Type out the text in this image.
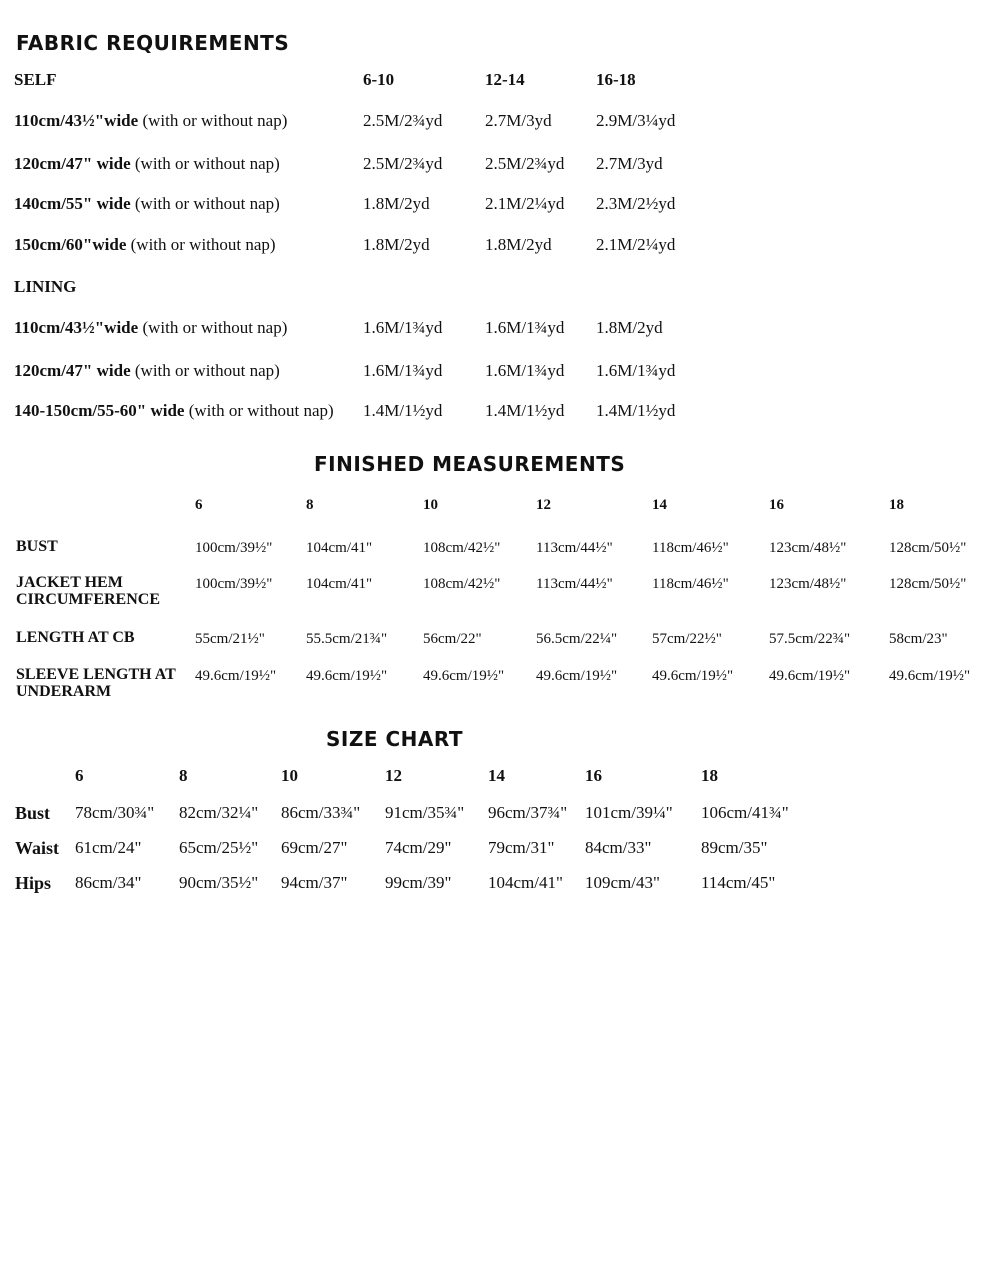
FABRIC REQUIREMENTS
SELF	6-10	12-14	16-18
110cm/43½"wide (with or without nap)	2.5M/2¾yd	2.7M/3yd	2.9M/3¼yd
120cm/47" wide (with or without nap)	2.5M/2¾yd	2.5M/2¾yd 2.7M/3yd
140cm/55" wide (with or without nap)	1.8M/2yd	2.1M/2¼yd 2.3M/2½yd
150cm/60"wide (with or without nap)	1.8M/2yd	1.8M/2yd	2.1M/2¼yd
LINING
110cm/43½"wide (with or without nap)	1.6M/1¾yd	1.6M/1¾yd 1.8M/2yd
120cm/47" wide (with or without nap)	1.6M/1¾yd	1.6M/1¾yd 1.6M/1¾yd
140-150cm/55-60" wide (with or without nap) 1.4M/1½yd	1.4M/1½yd 1.4M/1½yd
FINISHED MEASUREMENTS
6	8	10	12	14	16	18
BUST	100cm/39½" 104cm/41"	108cm/42½" 113cm/44½"	118cm/46½"	123cm/48½"	128cm/50½"
JACKET HEM CIRCUMFERENCE
100cm/39½" 104cm/41"	108cm/42½" 113cm/44½"	118cm/46½"	123cm/48½"	128cm/50½"
LENGTH AT CB	55cm/21½"	55.5cm/21¾" 56cm/22"	56.5cm/22¼" 57cm/22½"	57.5cm/22¾"	58cm/23"
SLEEVE LENGTH AT UNDERARM
49.6cm/19½" 49.6cm/19½" 49.6cm/19½" 49.6cm/19½" 49.6cm/19½" 49.6cm/19½"	49.6cm/19½"
SIZE CHART
6	8	10	12	14	16	18
Bust 78cm/30¾" 82cm/32¼" 86cm/33¾" 91cm/35¾" 96cm/37¾" 101cm/39¼" 106cm/41¾"
Waist 61cm/24" 65cm/25½" 69cm/27" 74cm/29" 79cm/31" 84cm/33"	89cm/35"
Hips 86cm/34" 90cm/35½" 94cm/37" 99cm/39" 104cm/41" 109cm/43" 114cm/45"
